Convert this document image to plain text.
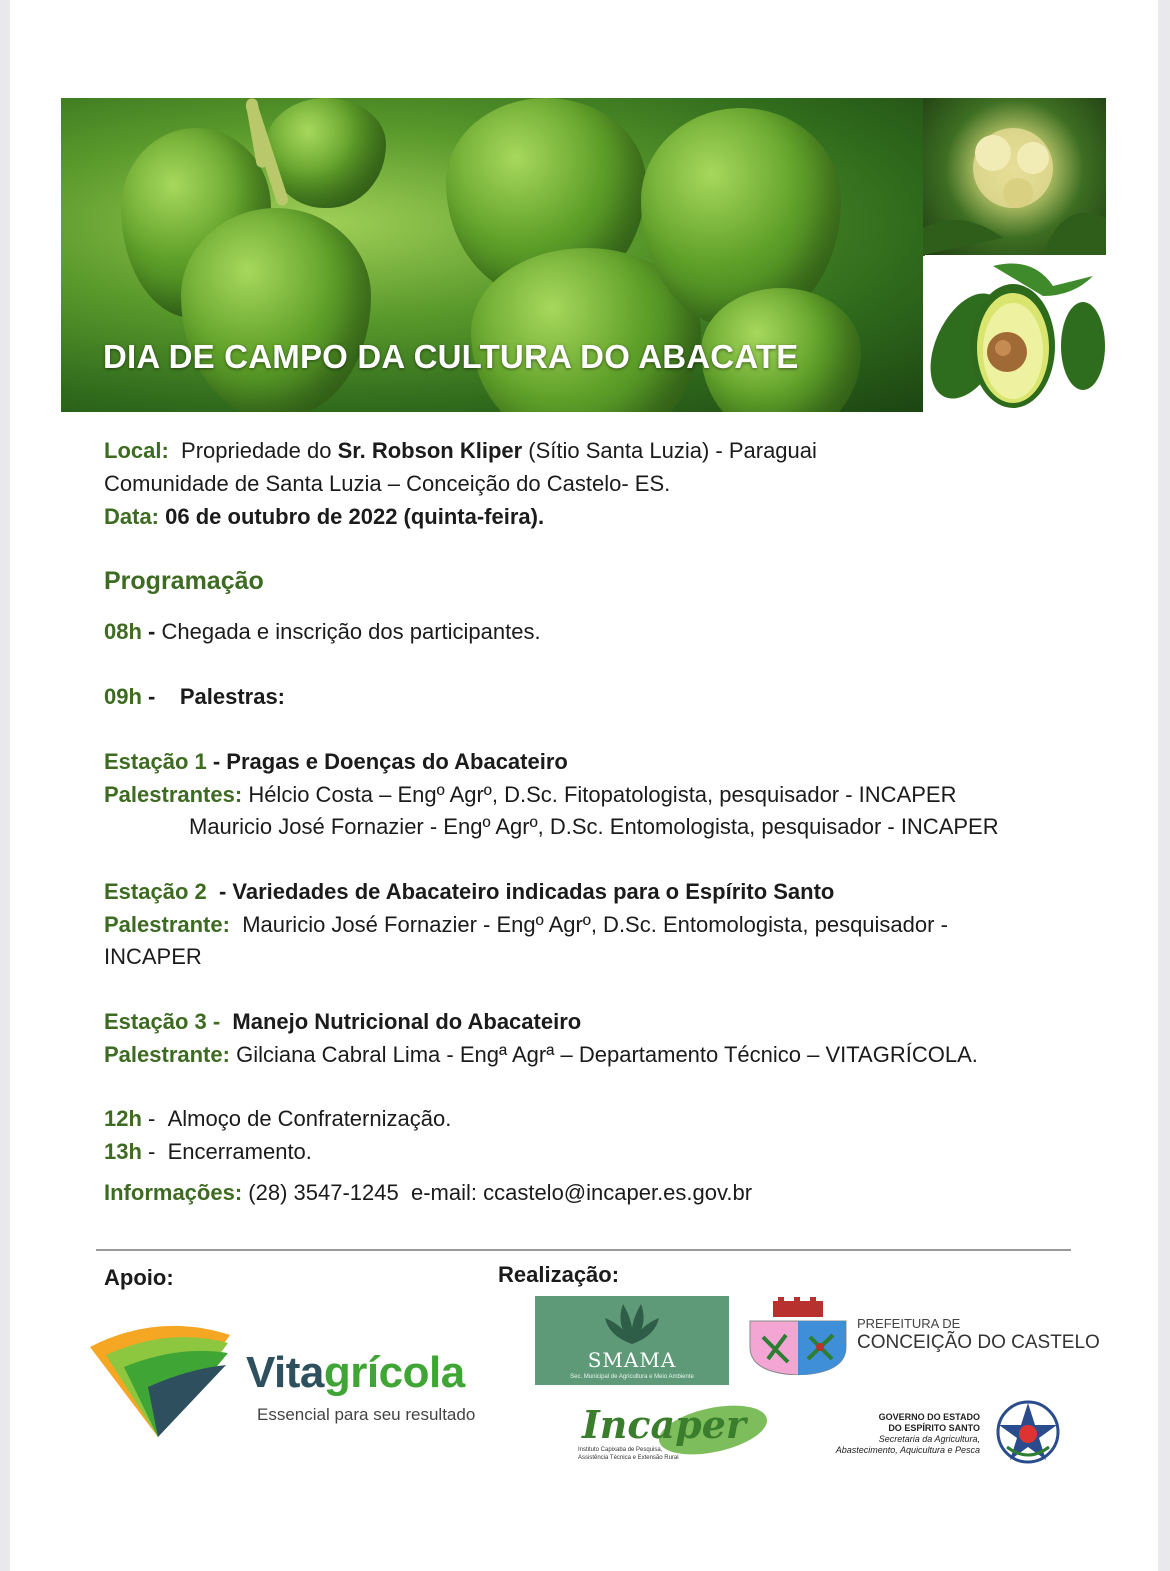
DIA DE CAMPO DA CULTURA DO ABACATE
Local: Propriedade do Sr. Robson Kliper (Sítio Santa Luzia) - Paraguai
Comunidade de Santa Luzia – Conceição do Castelo- ES.
Data: 06 de outubro de 2022 (quinta-feira).
Programação
08h - Chegada e inscrição dos participantes.
09h - Palestras:
Estação 1 - Pragas e Doenças do Abacateiro
Palestrantes: Hélcio Costa – Engº Agrº, D.Sc. Fitopatologista, pesquisador - INCAPER
Mauricio José Fornazier - Engº Agrº, D.Sc. Entomologista, pesquisador - INCAPER
Estação 2  - Variedades de Abacateiro indicadas para o Espírito Santo
Palestrante: Mauricio José Fornazier - Engº Agrº, D.Sc. Entomologista, pesquisador -
INCAPER
Estação 3 - Manejo Nutricional do Abacateiro
Palestrante: Gilciana Cabral Lima - Engª Agrª – Departamento Técnico – VITAGRÍCOLA.
12h -  Almoço de Confraternização.
13h -  Encerramento.
Informações: (28) 3547-1245 e-mail: ccastelo@incaper.es.gov.br
Apoio:	Realização:
Vitagrícola
Essencial para seu resultado
SMAMA
Sec. Municipal de Agricultura e Meio Ambiente
PREFEITURA DE
CONCEIÇÃO DO CASTELO
Incaper
Instituto Capixaba de Pesquisa,
Assistência Técnica e Extensão Rural
GOVERNO DO ESTADO
DO ESPÍRITO SANTO
Secretaria da Agricultura,
Abastecimento, Aquicultura e Pesca
